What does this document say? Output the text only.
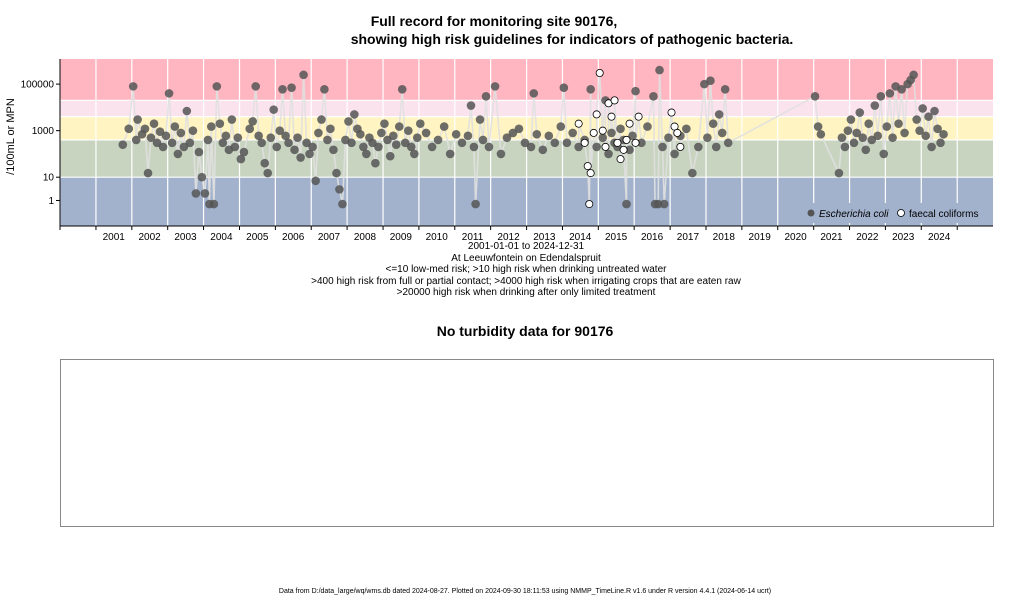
Full record for monitoring site 90176,
showing high risk guidelines for indicators of pathogenic bacteria.
1
10
1000
100000
2001 2002 2003 2004 2005 2006 2007 2008 2009 2010 2011 2012 2013 2014 2015 2016 2017 2018 2019 2020 2021 2022 2023 2024
/100mL or MPN
Escherichia coli faecal coliforms
2001-01-01 to 2024-12-31
At Leeuwfontein on Edendalspruit
<=10 low-med risk; >10 high risk when drinking untreated water
>400 high risk from full or partial contact; >4000 high risk when irrigating crops that are eaten raw
>20000 high risk when drinking after only limited treatment
No turbidity data for 90176
Data from D:/data_large/wq/wms.db dated 2024-08-27. Plotted on 2024-09-30 18:11:53 using NMMP_TimeLine.R v1.6 under R version 4.4.1 (2024-06-14 ucrt)
